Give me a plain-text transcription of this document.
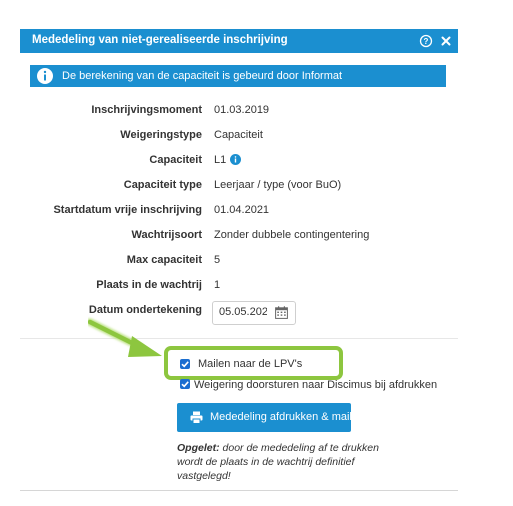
Mededeling van niet-gerealiseerde inschrijving	?
De berekening van de capaciteit is gebeurd door Informat
Inschrijvingsmoment 01.03.2019
Weigeringstype Capaciteit
Capaciteit L1
Capaciteit type Leerjaar / type (voor BuO)
Startdatum vrije inschrijving 01.04.2021
Wachtrijsoort Zonder dubbele contingentering
Max capaciteit 5
Plaats in de wachtrij 1
Datum ondertekening
05.05.2022
Mailen naar de LPV's
Weigering doorsturen naar Discimus bij afdrukken
Mededeling afdrukken & mailen
Opgelet: door de mededeling af te drukken wordt de plaats in de wachtrij definitief vastgelegd!
